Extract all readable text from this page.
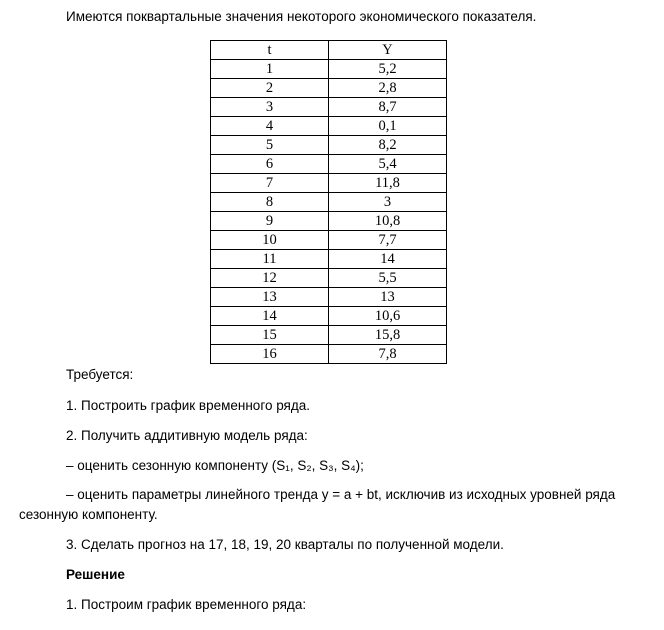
Имеются поквартальные значения некоторого экономического показателя.
t	Y
1	5,2
2	2,8
3	8,7
4	0,1
5	8,2
6	5,4
7	11,8
8	3
9	10,8
10	7,7
11	14
12	5,5
13	13
14	10,6
15	15,8
16	7,8
Требуется:
1. Построить график временного ряда.
2. Получить аддитивную модель ряда:
– оценить сезонную компоненту (S₁, S₂, S₃, S₄);
– оценить параметры линейного тренда y = a + bt, исключив из исходных уровней ряда
сезонную компоненту.
3. Сделать прогноз на 17, 18, 19, 20 кварталы по полученной модели.
Решение
1. Построим график временного ряда:
